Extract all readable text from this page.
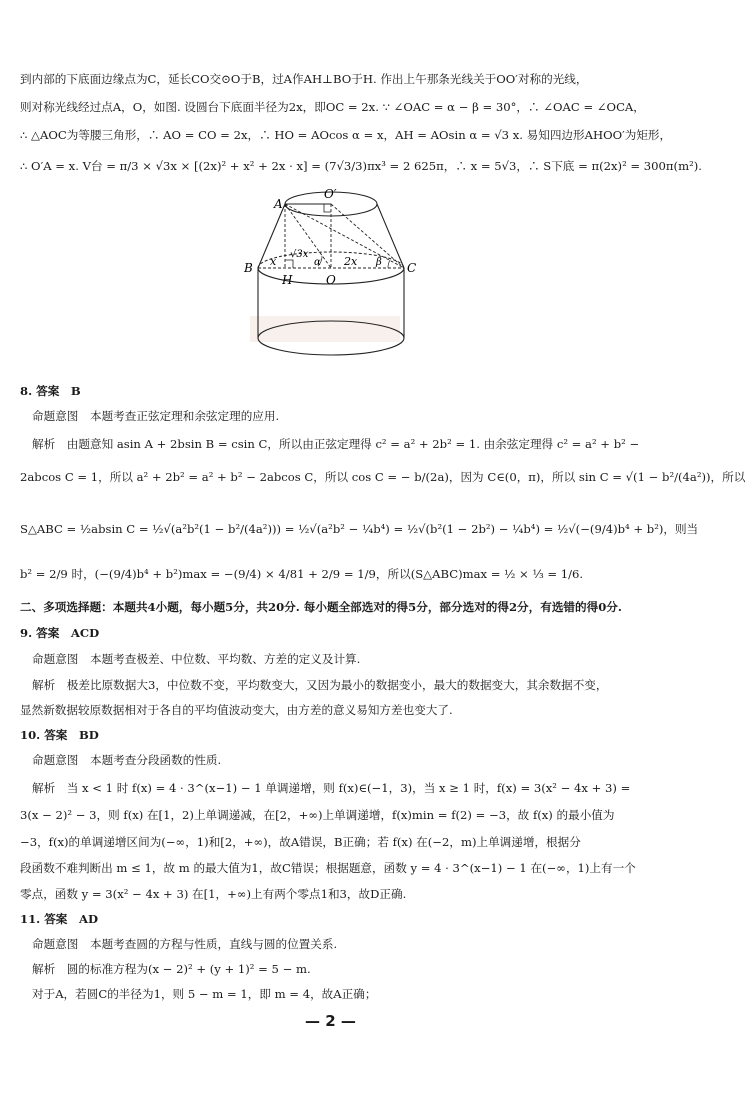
到内部的下底面边缘点为C，延长CO交⊙O于B，过A作AH⊥BO于H. 作出上午那条光线关于OO′对称的光线，
则对称光线经过点A，O，如图. 设圆台下底面半径为2x，即OC = 2x. ∵ ∠OAC = α − β = 30°，∴ ∠OAC = ∠OCA，
∴ △AOC为等腰三角形，∴ AO = CO = 2x，∴ HO = AOcos α = x，AH = AOsin α = √3 x. 易知四边形AHOO′为矩形，
∴ O′A = x. V台 = π/3 × √3x × [(2x)² + x² + 2x · x] = (7√3/3)πx³ = 2 625π，∴ x = 5√3，∴ S下底 = π(2x)² = 300π(m²).
A
O′
B	C
H	O
x
√3x
α 2x β
8. 答案　B
命题意图　本题考查正弦定理和余弦定理的应用.
解析　由题意知 asin A + 2bsin B = csin C，所以由正弦定理得 c² = a² + 2b² = 1. 由余弦定理得 c² = a² + b² −
2abcos C = 1，所以 a² + 2b² = a² + b² − 2abcos C，所以 cos C = − b/(2a)，因为 C∈(0，π)，所以 sin C = √(1 − b²/(4a²))，所以
S△ABC = ½absin C = ½√(a²b²(1 − b²/(4a²))) = ½√(a²b² − ¼b⁴) = ½√(b²(1 − 2b²) − ¼b⁴) = ½√(−(9/4)b⁴ + b²)，则当
b² = 2/9 时，(−(9/4)b⁴ + b²)max = −(9/4) × 4/81 + 2/9 = 1/9，所以(S△ABC)max = ½ × ⅓ = 1/6.
二、多项选择题：本题共4小题，每小题5分，共20分. 每小题全部选对的得5分，部分选对的得2分，有选错的得0分.
9. 答案　ACD
命题意图　本题考查极差、中位数、平均数、方差的定义及计算.
解析　极差比原数据大3，中位数不变，平均数变大，又因为最小的数据变小，最大的数据变大，其余数据不变，
显然新数据较原数据相对于各自的平均值波动变大，由方差的意义易知方差也变大了.
10. 答案　BD
命题意图　本题考查分段函数的性质.
解析　当 x < 1 时 f(x) = 4 · 3^(x−1) − 1 单调递增，则 f(x)∈(−1，3)，当 x ≥ 1 时，f(x) = 3(x² − 4x + 3) =
3(x − 2)² − 3，则 f(x) 在[1，2)上单调递减，在[2，+∞)上单调递增，f(x)min = f(2) = −3，故 f(x) 的最小值为
−3，f(x)的单调递增区间为(−∞，1)和[2，+∞)，故A错误，B正确；若 f(x) 在(−2，m)上单调递增，根据分
段函数不难判断出 m ≤ 1，故 m 的最大值为1，故C错误；根据题意，函数 y = 4 · 3^(x−1) − 1 在(−∞，1)上有一个
零点，函数 y = 3(x² − 4x + 3) 在[1，+∞)上有两个零点1和3，故D正确.
11. 答案　AD
命题意图　本题考查圆的方程与性质，直线与圆的位置关系.
解析　圆的标准方程为(x − 2)² + (y + 1)² = 5 − m.
对于A，若圆C的半径为1，则 5 − m = 1，即 m = 4，故A正确；
— 2 —
